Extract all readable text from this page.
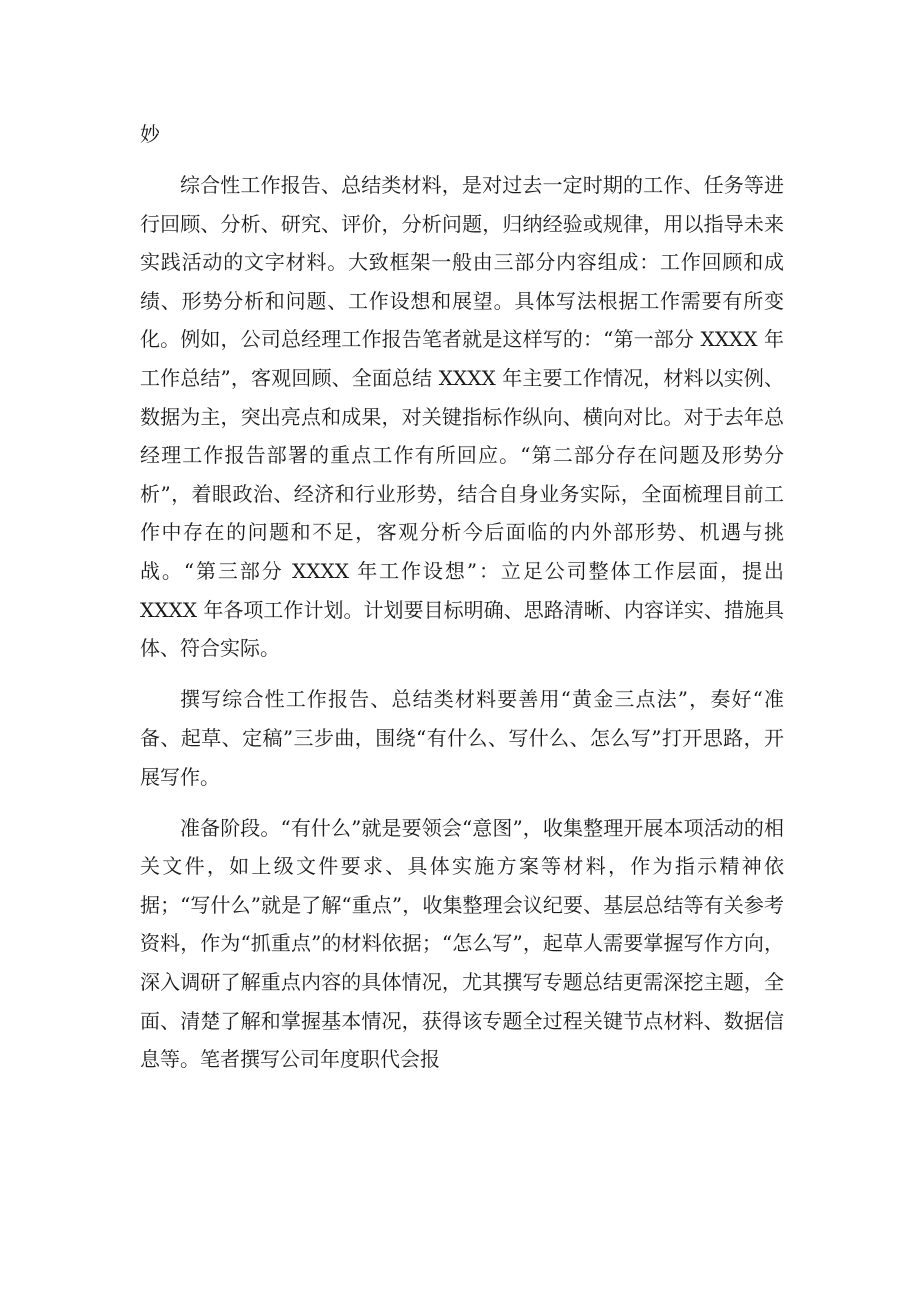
妙

综合性工作报告、总结类材料，是对过去一定时期的工作、任务等进行回顾、分析、研究、评价，分析问题，归纳经验或规律，用以指导未来实践活动的文字材料。大致框架一般由三部分内容组成：工作回顾和成绩、形势分析和问题、工作设想和展望。具体写法根据工作需要有所变化。例如，公司总经理工作报告笔者就是这样写的：“第一部分 XXXX 年工作总结”，客观回顾、全面总结 XXXX 年主要工作情况，材料以实例、数据为主，突出亮点和成果，对关键指标作纵向、横向对比。对于去年总经理工作报告部署的重点工作有所回应。“第二部分存在问题及形势分析”，着眼政治、经济和行业形势，结合自身业务实际，全面梳理目前工作中存在的问题和不足，客观分析今后面临的内外部形势、机遇与挑战。“第三部分 XXXX 年工作设想”：立足公司整体工作层面，提出 XXXX 年各项工作计划。计划要目标明确、思路清晰、内容详实、措施具体、符合实际。

撰写综合性工作报告、总结类材料要善用“黄金三点法”，奏好“准备、起草、定稿”三步曲，围绕“有什么、写什么、怎么写”打开思路，开展写作。

准备阶段。“有什么”就是要领会“意图”，收集整理开展本项活动的相关文件，如上级文件要求、具体实施方案等材料，作为指示精神依据；“写什么”就是了解“重点”，收集整理会议纪要、基层总结等有关参考资料，作为“抓重点”的材料依据；“怎么写”，起草人需要掌握写作方向，深入调研了解重点内容的具体情况，尤其撰写专题总结更需深挖主题，全面、清楚了解和掌握基本情况，获得该专题全过程关键节点材料、数据信息等。笔者撰写公司年度职代会报
